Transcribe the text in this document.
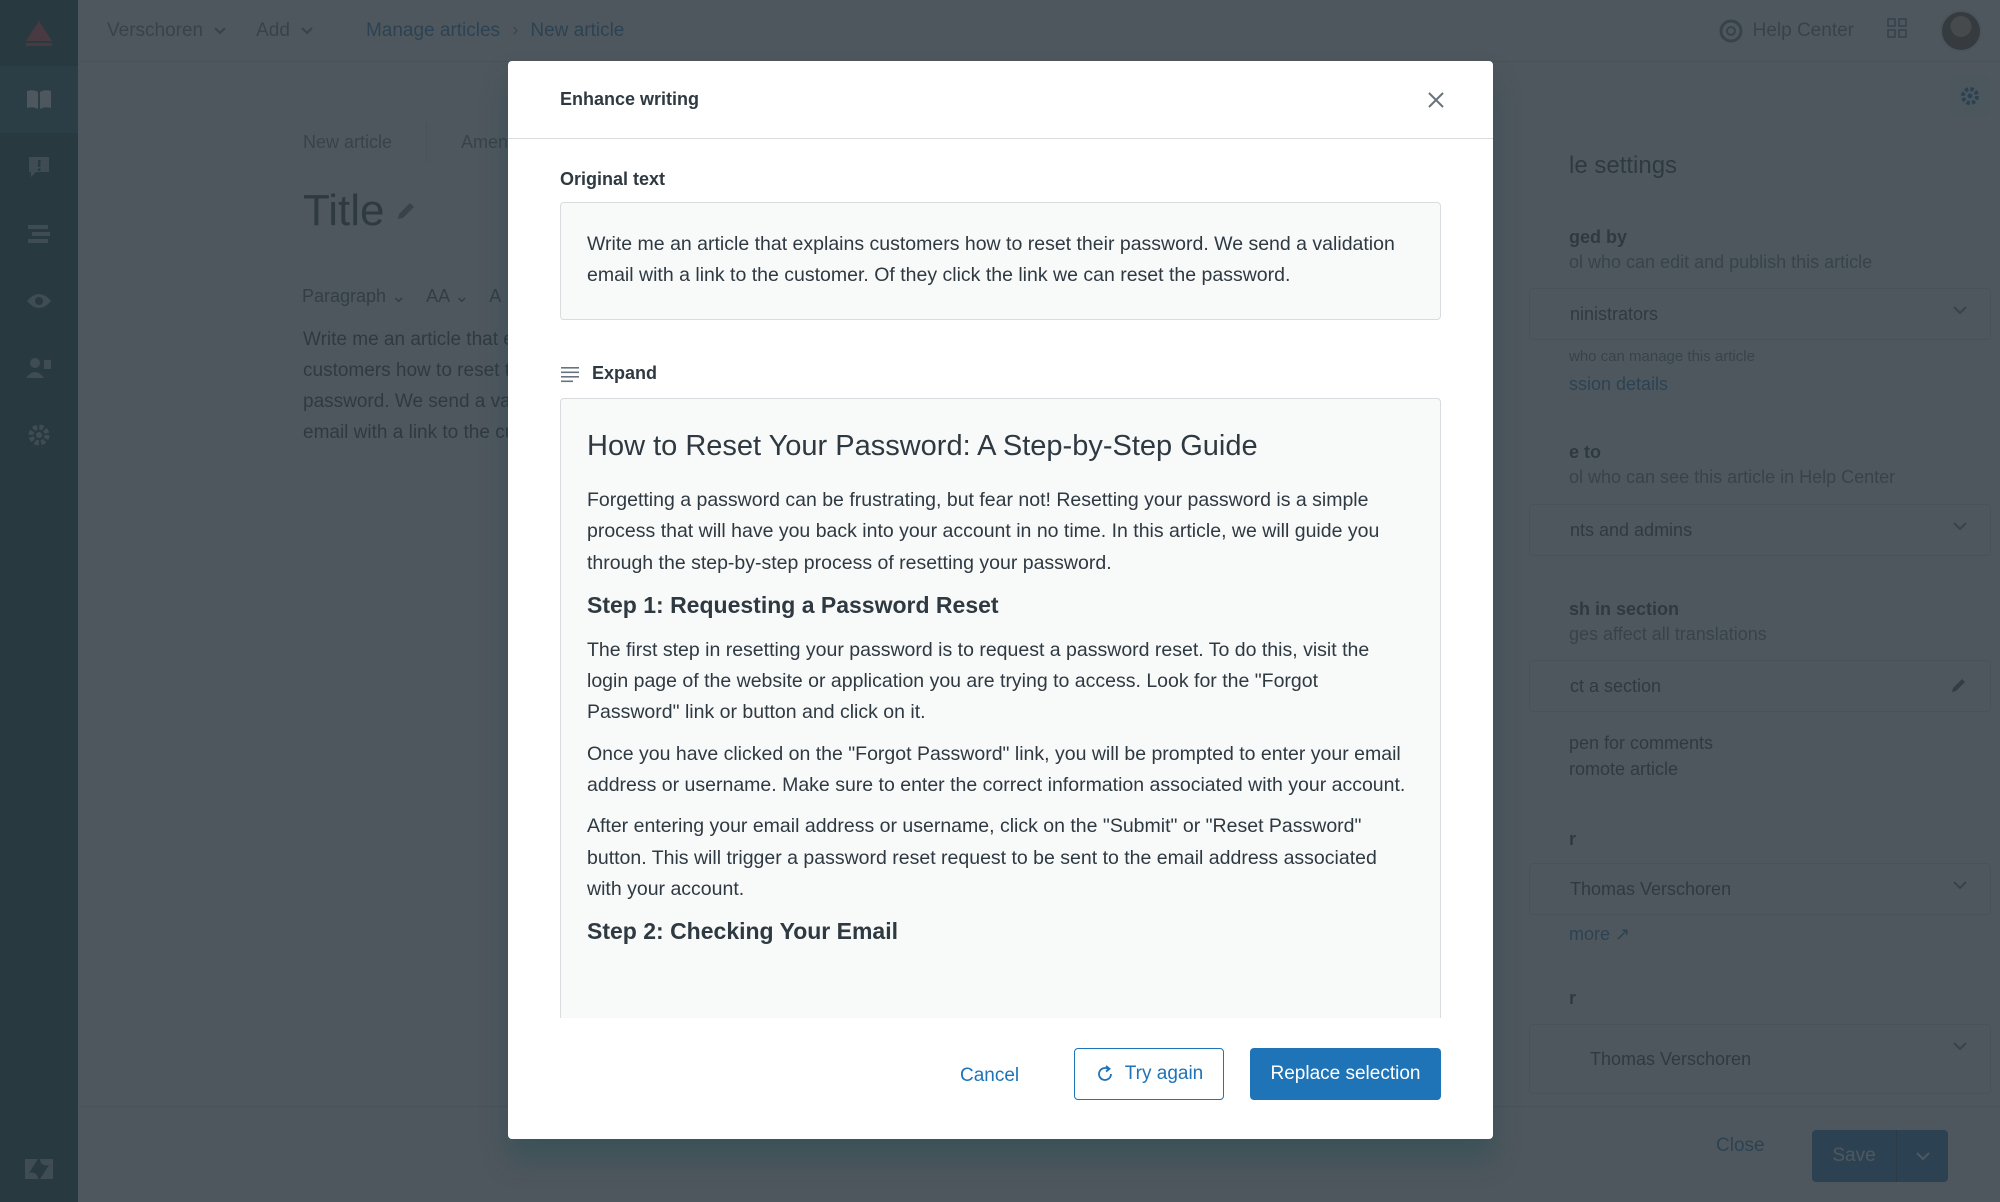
Enhance writing
Original text
Write me an article that explains customers how to reset their password. We send a validation email with a link to the customer. Of they click the link we can reset the password.
Expand
How to Reset Your Password: A Step-by-Step Guide

Forgetting a password can be frustrating, but fear not! Resetting your password is a simple process that will have you back into your account in no time. In this article, we will guide you through the step-by-step process of resetting your password.

Step 1: Requesting a Password Reset

The first step in resetting your password is to request a password reset. To do this, visit the login page of the website or application you are trying to access. Look for the "Forgot Password" link or button and click on it.

Once you have clicked on the "Forgot Password" link, you will be prompted to enter your email address or username. Make sure to enter the correct information associated with your account.

After entering your email address or username, click on the "Submit" or "Reset Password" button. This will trigger a password reset request to be sent to the email address associated with your account.

Step 2: Checking Your Email
Cancel	Try again	Replace selection
